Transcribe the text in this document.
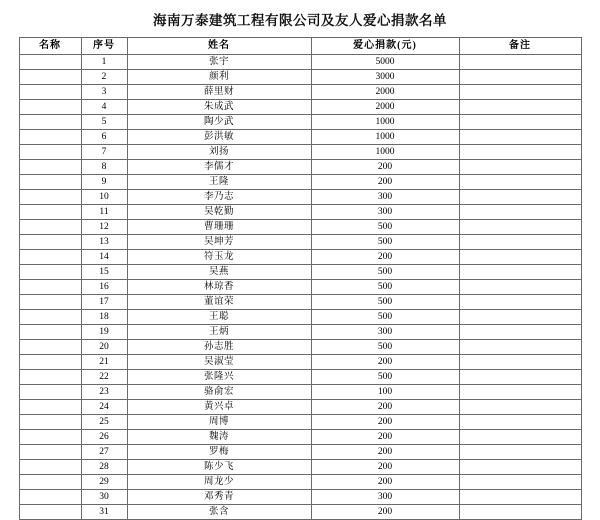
海南万泰建筑工程有限公司及友人爱心捐款名单
名称	序号	姓名	爱心捐款(元)	备注
	1	张宇	5000	
	2	颜利	3000	
	3	薛里财	2000	
	4	朱成武	2000	
	5	陶少武	1000	
	6	彭洪敏	1000	
	7	刘扬	1000	
	8	李儒才	200	
	9	王隆	200	
	10	李乃志	300	
	11	吴乾勤	300	
	12	曹珊珊	500	
	13	吴坤芳	500	
	14	符玉龙	200	
	15	吴燕	500	
	16	林琼香	500	
	17	董谊荣	500	
	18	王聪	500	
	19	王炳	300	
	20	孙志胜	500	
	21	吴淑莹	200	
	22	张隆兴	500	
	23	骆俞宏	100	
	24	黄兴卓	200	
	25	周博	200	
	26	魏涛	200	
	27	罗梅	200	
	28	陈少飞	200	
	29	周龙少	200	
	30	邓秀青	300	
	31	张含	200	
